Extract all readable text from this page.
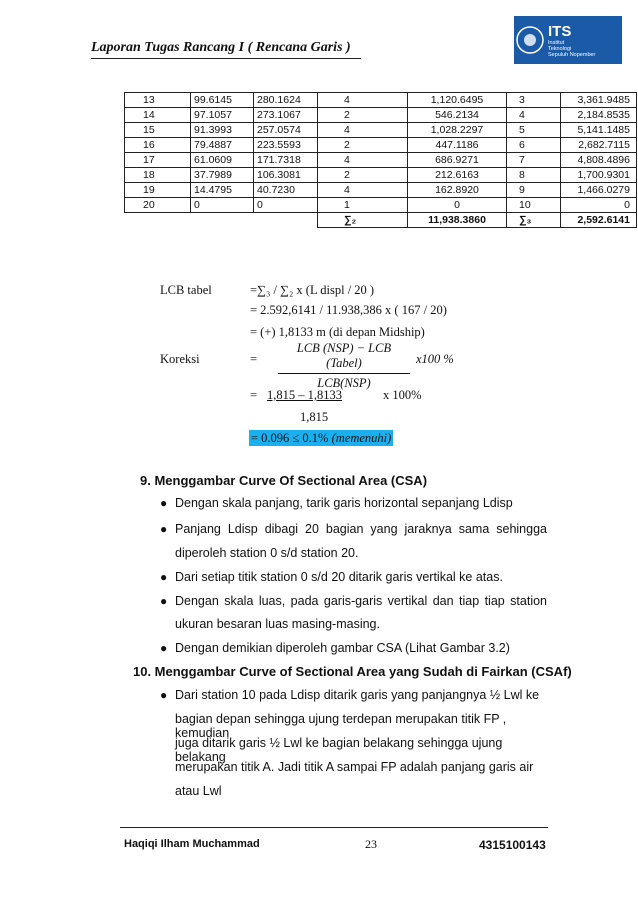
Laporan Tugas Rancang I ( Rencana Garis )
ITS
Institut
Teknologi
Sepuluh Nopember
13	99.6145	280.1624	4	1,120.6495	3	3,361.9485
14	97.1057	273.1067	2	546.2134	4	2,184.8535
15	91.3993	257.0574	4	1,028.2297	5	5,141.1485
16	79.4887	223.5593	2	447.1186	6	2,682.7115
17	61.0609	171.7318	4	686.9271	7	4,808.4896
18	37.7989	106.3081	2	212.6163	8	1,700.9301
19	14.4795	40.7230	4	162.8920	9	1,466.0279
20	0	0	1	0	10	0
			∑₂	11,938.3860	∑₃	2,592.6141
LCB tabel	=∑₃ / ∑₂ x (L displ / 20 )
= 2.592,6141 / 11.938,386 x ( 167 / 20)
= (+) 1,8133 m (di depan Midship)
Koreksi	=
LCB (NSP) − LCB (Tabel)
LCB(NSP)
x100 %
= 1,815 – 1,8133	x 100%
1,815
= 0.096 ≤ 0.1% (memenuhi)
9. Menggambar Curve Of Sectional Area (CSA)
● Dengan skala panjang, tarik garis horizontal sepanjang Ldisp
● Panjang Ldisp dibagi 20 bagian yang jaraknya sama sehingga
diperoleh station 0 s/d station 20.
● Dari setiap titik station 0 s/d 20 ditarik garis vertikal ke atas.
● Dengan skala luas, pada garis-garis vertikal dan tiap tiap station
ukuran besaran luas masing-masing.
● Dengan demikian diperoleh gambar CSA (Lihat Gambar 3.2)
10. Menggambar Curve of Sectional Area yang Sudah di Fairkan (CSAf)
● Dari station 10 pada Ldisp ditarik garis yang panjangnya ½ Lwl ke
bagian depan sehingga ujung terdepan merupakan titik FP , kemudian
juga ditarik garis ½ Lwl ke bagian belakang sehingga ujung belakang
merupakan titik A. Jadi titik A sampai FP adalah panjang garis air
atau Lwl
Haqiqi Ilham Muchammad	23	4315100143
